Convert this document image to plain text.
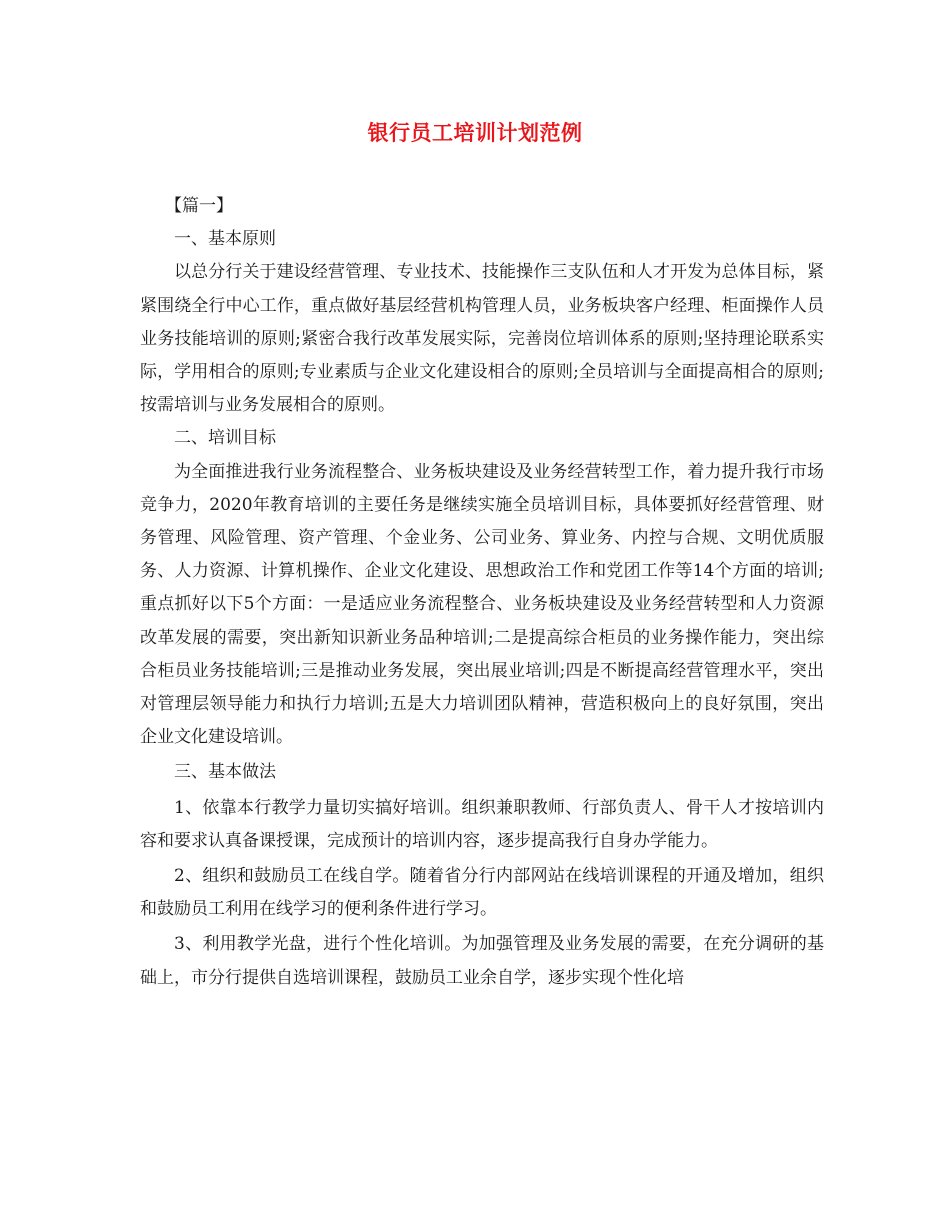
银行员工培训计划范例

【篇一】

一、基本原则

以总分行关于建设经营管理、专业技术、技能操作三支队伍和人才开发为总体目标，紧紧围绕全行中心工作，重点做好基层经营机构管理人员，业务板块客户经理、柜面操作人员业务技能培训的原则;紧密合我行改革发展实际，完善岗位培训体系的原则;坚持理论联系实际，学用相合的原则;专业素质与企业文化建设相合的原则;全员培训与全面提高相合的原则;按需培训与业务发展相合的原则。

二、培训目标

为全面推进我行业务流程整合、业务板块建设及业务经营转型工作，着力提升我行市场竞争力，2020年教育培训的主要任务是继续实施全员培训目标，具体要抓好经营管理、财务管理、风险管理、资产管理、个金业务、公司业务、算业务、内控与合规、文明优质服务、人力资源、计算机操作、企业文化建设、思想政治工作和党团工作等14个方面的培训;重点抓好以下5个方面：一是适应业务流程整合、业务板块建设及业务经营转型和人力资源改革发展的需要，突出新知识新业务品种培训;二是提高综合柜员的业务操作能力，突出综合柜员业务技能培训;三是推动业务发展，突出展业培训;四是不断提高经营管理水平，突出对管理层领导能力和执行力培训;五是大力培训团队精神，营造积极向上的良好氛围，突出企业文化建设培训。

三、基本做法

1、依靠本行教学力量切实搞好培训。组织兼职教师、行部负责人、骨干人才按培训内容和要求认真备课授课，完成预计的培训内容，逐步提高我行自身办学能力。

2、组织和鼓励员工在线自学。随着省分行内部网站在线培训课程的开通及增加，组织和鼓励员工利用在线学习的便利条件进行学习。

3、利用教学光盘，进行个性化培训。为加强管理及业务发展的需要，在充分调研的基础上，市分行提供自选培训课程，鼓励员工业余自学，逐步实现个性化培
